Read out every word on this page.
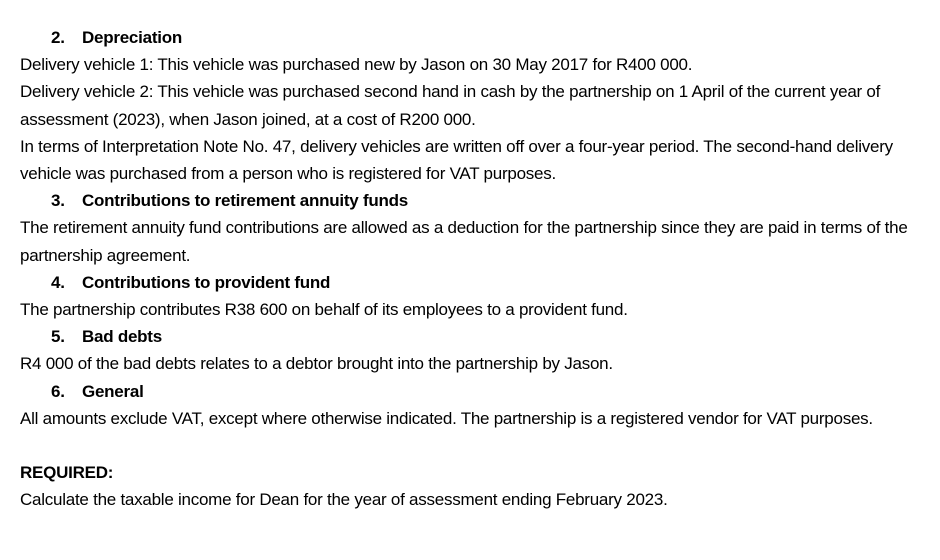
2. Depreciation

Delivery vehicle 1: This vehicle was purchased new by Jason on 30 May 2017 for R400 000.

Delivery vehicle 2: This vehicle was purchased second hand in cash by the partnership on 1 April of the current year of assessment (2023), when Jason joined, at a cost of R200 000.

In terms of Interpretation Note No. 47, delivery vehicles are written off over a four-year period. The second-hand delivery vehicle was purchased from a person who is registered for VAT purposes.

3. Contributions to retirement annuity funds

The retirement annuity fund contributions are allowed as a deduction for the partnership since they are paid in terms of the partnership agreement.

4. Contributions to provident fund

The partnership contributes R38 600 on behalf of its employees to a provident fund.

5. Bad debts

R4 000 of the bad debts relates to a debtor brought into the partnership by Jason.

6. General

All amounts exclude VAT, except where otherwise indicated. The partnership is a registered vendor for VAT purposes.

REQUIRED:

Calculate the taxable income for Dean for the year of assessment ending February 2023.
